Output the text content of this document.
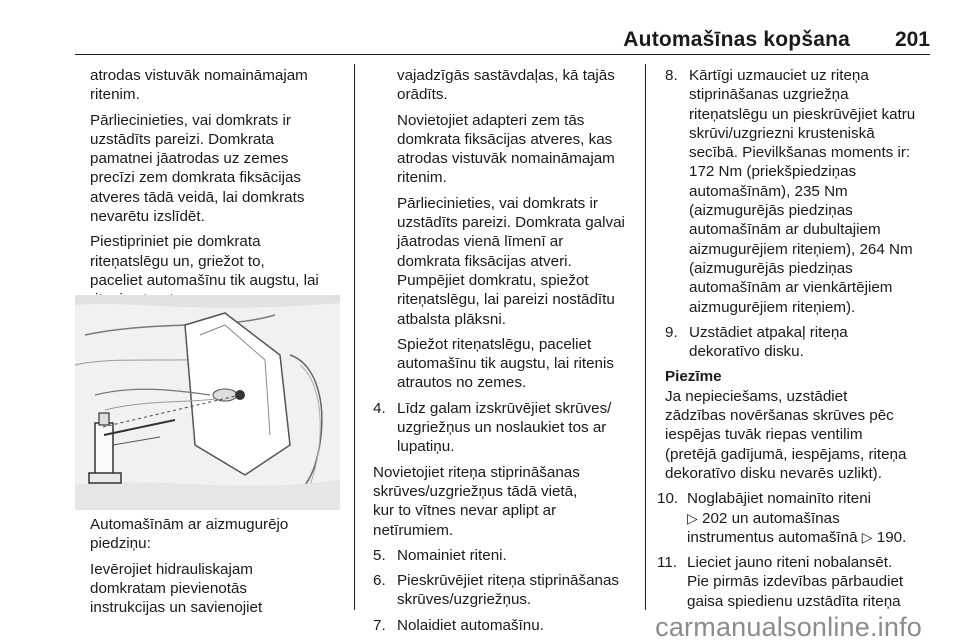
Automašīnas kopšana 201

atrodas vistuvāk nomaināmajam
ritenim.

Pārliecinieties, vai domkrats ir
uzstādīts pareizi. Domkrata
pamatnei jāatrodas uz zemes
precīzi zem domkrata fiksācijas
atveres tādā veidā, lai domkrats
nevarētu izslīdēt.

Piestipriniet pie domkrata
riteņatslēgu un, griežot to,
paceliet automašīnu tik augstu, lai

Automašīnām ar aizmugurējo
piedziņu:

Ievērojiet hidrauliskajam
domkratam pievienotās
instrukcijas un savienojiet

vajadzīgās sastāvdaļas, kā tajās
orādīts.

Novietojiet adapteri zem tās
domkrata fiksācijas atveres, kas
atrodas vistuvāk nomaināmajam
ritenim.

Pārliecinieties, vai domkrats ir
uzstādīts pareizi. Domkrata galvai
jāatrodas vienā līmenī ar
domkrata fiksācijas atveri.
Pumpējiet domkratu, spiežot
riteņatslēgu, lai pareizi nostādītu
atbalsta plāksni.

Spiežot riteņatslēgu, paceliet
automašīnu tik augstu, lai ritenis
atrautos no zemes.

4. Līdz galam izskrūvējiet skrūves/
uzgriežņus un noslaukiet tos ar
lupatiņu.

Novietojiet riteņa stiprināšanas
skrūves/uzgriežņus tādā vietā,
kur to vītnes nevar aplipt ar
netīrumiem.

5. Nomainiet riteni.
6. Pieskrūvējiet riteņa stiprināšanas
skrūves/uzgriežņus.
7. Nolaidiet automašīnu.
8. Kārtīgi uzmauciet uz riteņa
stiprināšanas uzgriežņa
riteņatslēgu un pieskrūvējiet katru
skrūvi/uzgriezni krusteniskā
secībā. Pievilkšanas moments ir:
172 Nm (priekšpiedziņas
automašīnām), 235 Nm
(aizmugurējās piedziņas
automašīnām ar dubultajiem
aizmugurējiem riteņiem), 264 Nm
(aizmugurējās piedziņas
automašīnām ar vienkārtējiem
aizmugurējiem riteņiem).
9. Uzstādiet atpakaļ riteņa
dekoratīvo disku.

Piezīme

Ja nepieciešams, uzstādiet
zādzības novēršanas skrūves pēc
iespējas tuvāk riepas ventilim
(pretējā gadījumā, iespējams, riteņa
dekoratīvo disku nevarēs uzlikt).

10. Noglabājiet nomainīto riteni
▷ 202 un automašīnas
instrumentus automašīnā ▷ 190.
11. Lieciet jauno riteni nobalansēt.
Pie pirmās izdevības pārbaudiet
gaisa spiedienu uzstādīta riteņa
carmanualsonline.info
